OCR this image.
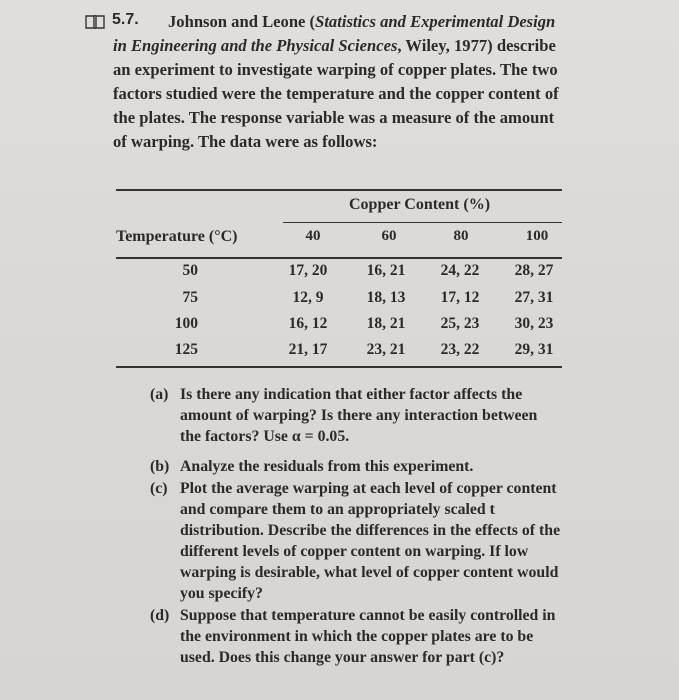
5.7.	Johnson and Leone (Statistics and Experimental Design in Engineering and the Physical Sciences, Wiley, 1977) describe an experiment to investigate warping of copper plates. The two factors studied were the temperature and the copper content of the plates. The response variable was a measure of the amount of warping. The data were as follows:

Copper Content (%)
Temperature (°C)	40	60	80	100
50	17, 20	16, 21	24, 22	28, 27
75	12, 9	18, 13	17, 12	27, 31
100	16, 12	18, 21	25, 23	30, 23
125	21, 17	23, 21	23, 22	29, 31
(a) Is there any indication that either factor affects the amount of warping? Is there any interaction between the factors? Use α = 0.05.
(b) Analyze the residuals from this experiment.
(c) Plot the average warping at each level of copper content and compare them to an appropriately scaled t distribution. Describe the differences in the effects of the different levels of copper content on warping. If low warping is desirable, what level of copper content would you specify?
(d) Suppose that temperature cannot be easily controlled in the environment in which the copper plates are to be used. Does this change your answer for part (c)?
